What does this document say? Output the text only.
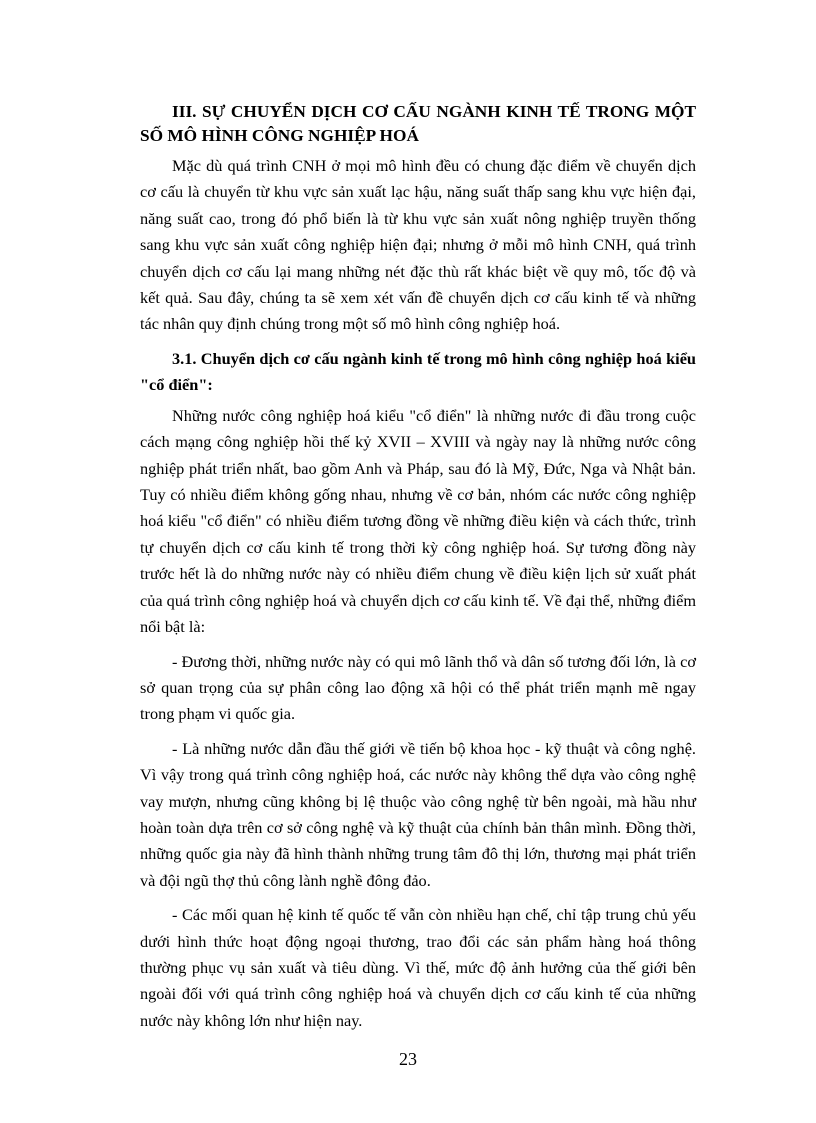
III. SỰ CHUYỂN DỊCH CƠ CẤU NGÀNH KINH TẾ TRONG MỘT SỐ MÔ HÌNH CÔNG NGHIỆP HOÁ

Mặc dù quá trình CNH ở mọi mô hình đều có chung đặc điểm về chuyển dịch cơ cấu là chuyển từ khu vực sản xuất lạc hậu, năng suất thấp sang khu vực hiện đại, năng suất cao, trong đó phổ biến là từ khu vực sản xuất nông nghiệp truyền thống sang khu vực sản xuất công nghiệp hiện đại; nhưng ở mỗi mô hình CNH, quá trình chuyển dịch cơ cấu lại mang những nét đặc thù rất khác biệt về quy mô, tốc độ và kết quả. Sau đây, chúng ta sẽ xem xét vấn đề chuyển dịch cơ cấu kinh tế và những tác nhân quy định chúng trong một số mô hình công nghiệp hoá.

3.1. Chuyển dịch cơ cấu ngành kinh tế trong mô hình công nghiệp hoá kiểu "cổ điển":

Những nước công nghiệp hoá kiểu "cổ điển" là những nước đi đầu trong cuộc cách mạng công nghiệp hồi thế kỷ XVII – XVIII và ngày nay là những nước công nghiệp phát triển nhất, bao gồm Anh và Pháp, sau đó là Mỹ, Đức, Nga và Nhật bản. Tuy có nhiều điểm không gống nhau, nhưng về cơ bản, nhóm các nước công nghiệp hoá kiểu "cổ điển" có nhiều điểm tương đồng về những điều kiện và cách thức, trình tự chuyển dịch cơ cấu kinh tế trong thời kỳ công nghiệp hoá. Sự tương đồng này trước hết là do những nước này có nhiều điểm chung về điều kiện lịch sử xuất phát của quá trình công nghiệp hoá và chuyển dịch cơ cấu kinh tế. Về đại thể, những điểm nổi bật là:

- Đương thời, những nước này có qui mô lãnh thổ và dân số tương đối lớn, là cơ sở quan trọng của sự phân công lao động xã hội có thể phát triển mạnh mẽ ngay trong phạm vi quốc gia.

- Là những nước dẫn đầu thế giới về tiến bộ khoa học - kỹ thuật và công nghệ. Vì vậy trong quá trình công nghiệp hoá, các nước này không thể dựa vào công nghệ vay mượn, nhưng cũng không bị lệ thuộc vào công nghệ từ bên ngoài, mà hầu như hoàn toàn dựa trên cơ sở công nghệ và kỹ thuật của chính bản thân mình. Đồng thời, những quốc gia này đã hình thành những trung tâm đô thị lớn, thương mại phát triển và đội ngũ thợ thủ công lành nghề đông đảo.

- Các mối quan hệ kinh tế quốc tế vẫn còn nhiều hạn chế, chỉ tập trung chủ yếu dưới hình thức hoạt động ngoại thương, trao đổi các sản phẩm hàng hoá thông thường phục vụ sản xuất và tiêu dùng. Vì thế, mức độ ảnh hưởng của thế giới bên ngoài đối với quá trình công nghiệp hoá và chuyển dịch cơ cấu kinh tế của những nước này không lớn như hiện nay.

23
